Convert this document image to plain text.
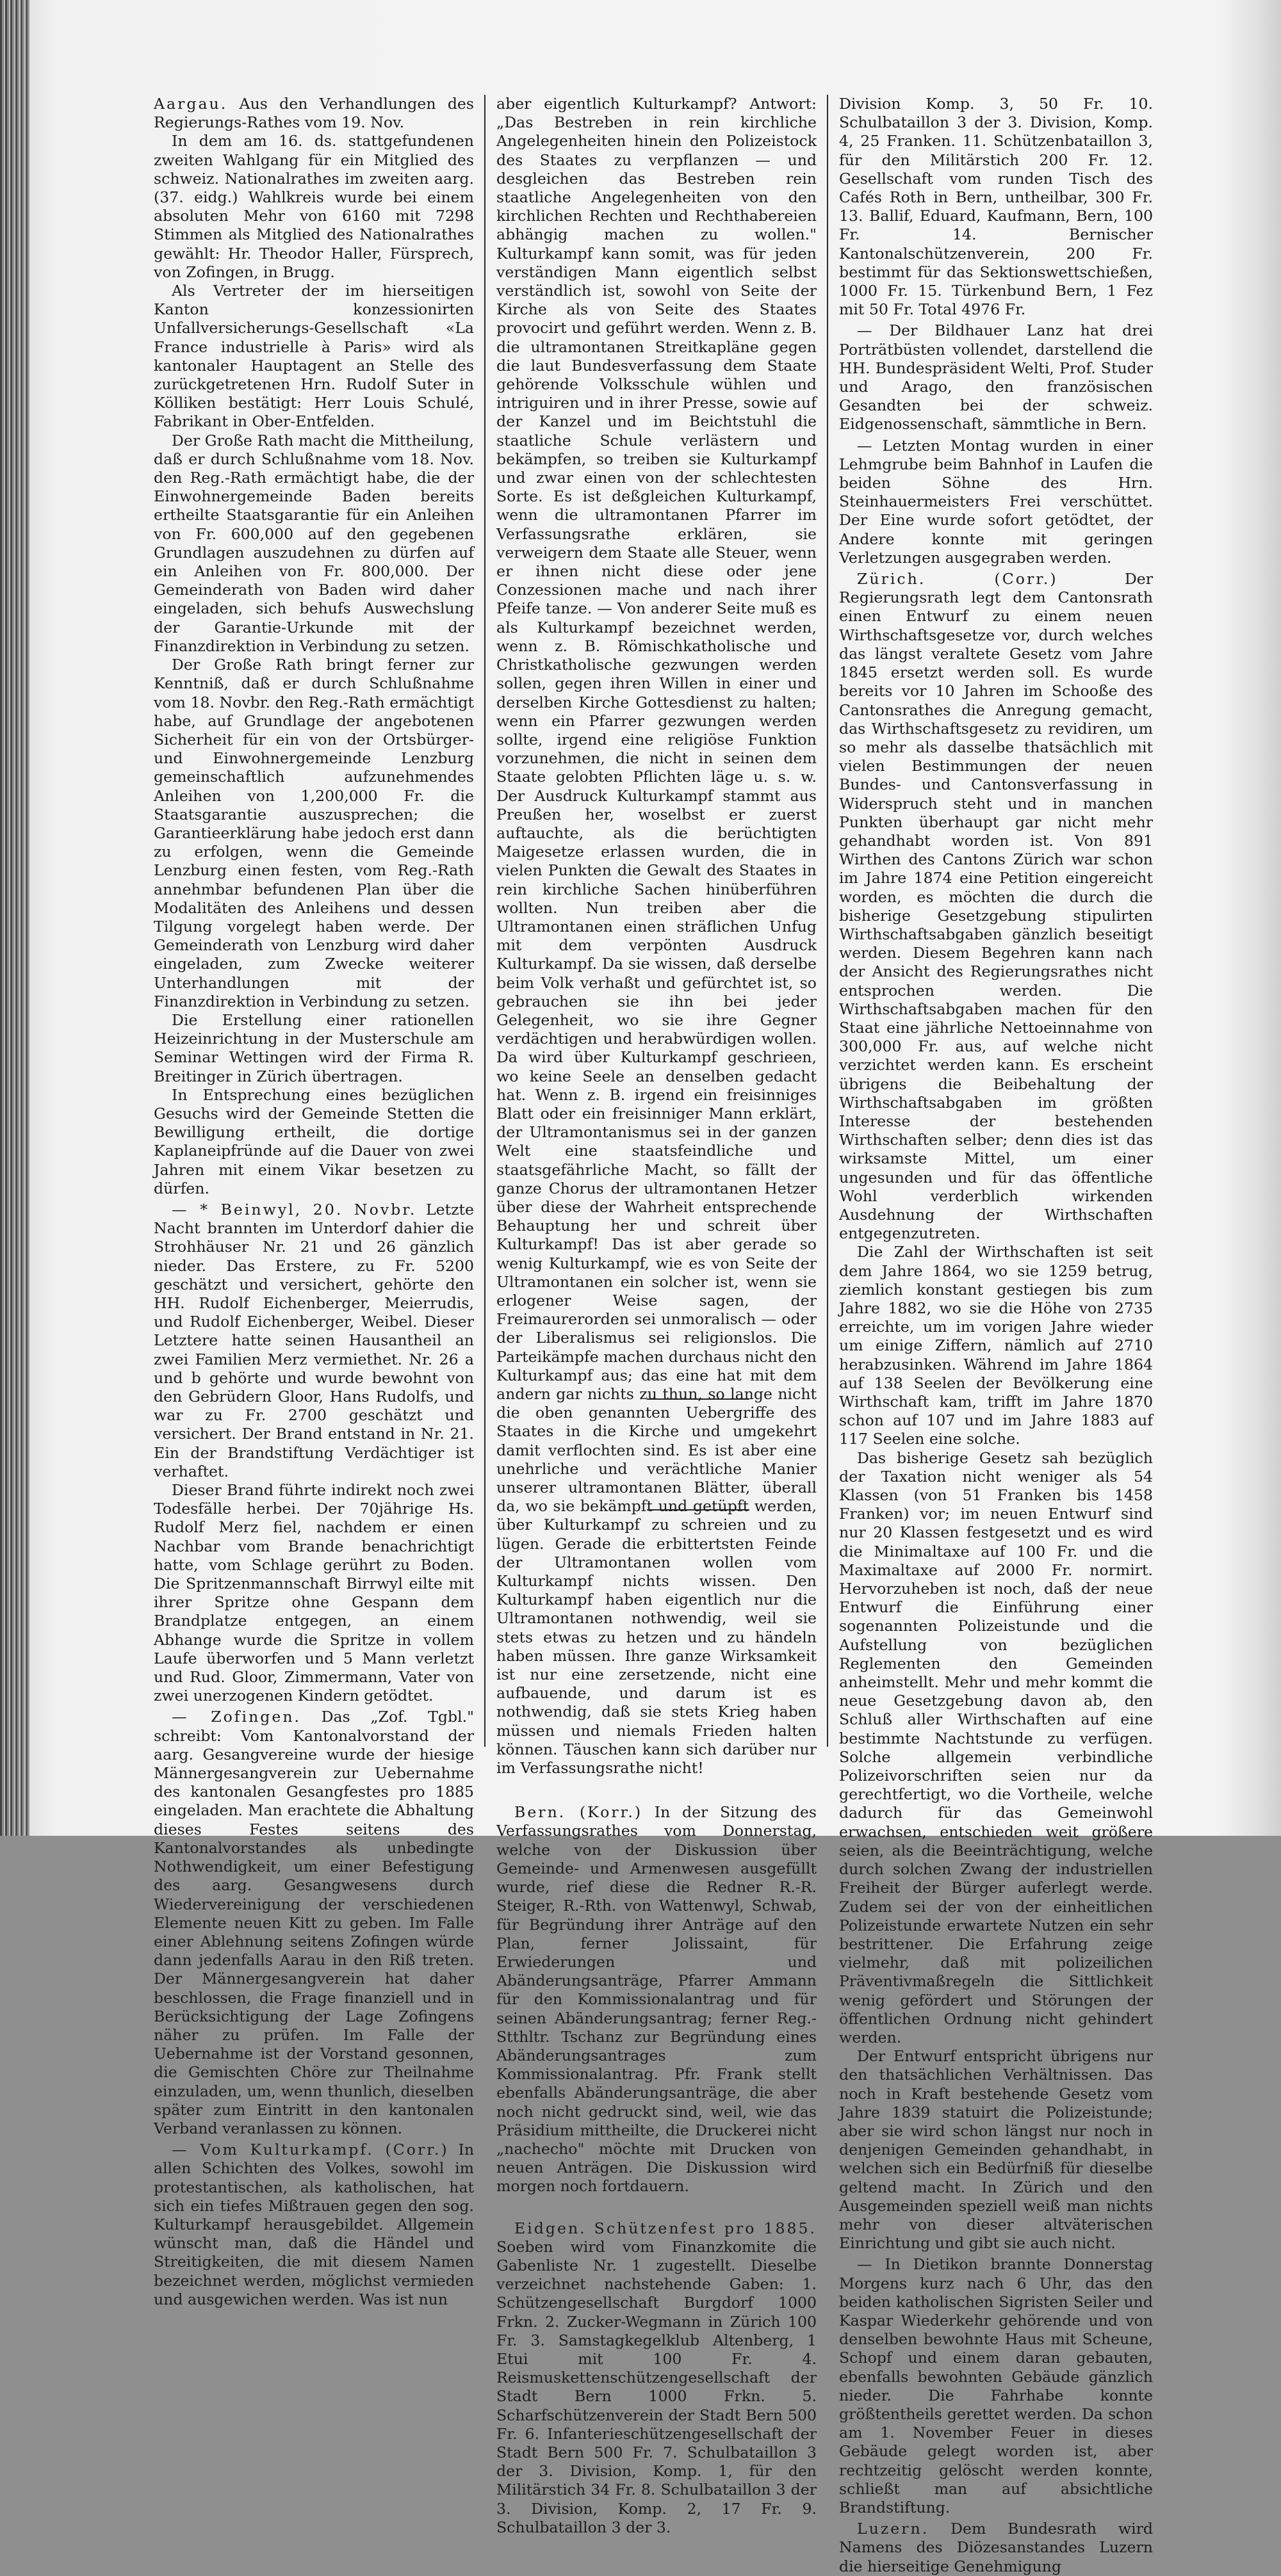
Aargau. Aus den Verhandlungen des Regierungs-Rathes vom 19. Nov.

In dem am 16. ds. stattgefundenen zweiten Wahlgang für ein Mitglied des schweiz. Nationalrathes im zweiten aarg. (37. eidg.) Wahlkreis wurde bei einem absoluten Mehr von 6160 mit 7298 Stimmen als Mitglied des Nationalrathes gewählt: Hr. Theodor Haller, Fürsprech, von Zofingen, in Brugg.

Als Vertreter der im hierseitigen Kanton konzessionirten Unfallversicherungs-Gesellschaft «La France industrielle à Paris» wird als kantonaler Hauptagent an Stelle des zurückgetretenen Hrn. Rudolf Suter in Kölliken bestätigt: Herr Louis Schulé, Fabrikant in Ober-Entfelden.

Der Große Rath macht die Mittheilung, daß er durch Schlußnahme vom 18. Nov. den Reg.-Rath ermächtigt habe, die der Einwohnergemeinde Baden bereits ertheilte Staatsgarantie für ein Anleihen von Fr. 600,000 auf den gegebenen Grundlagen auszudehnen zu dürfen auf ein Anleihen von Fr. 800,000. Der Gemeinderath von Baden wird daher eingeladen, sich behufs Auswechslung der Garantie-Urkunde mit der Finanzdirektion in Verbindung zu setzen.

Der Große Rath bringt ferner zur Kenntniß, daß er durch Schlußnahme vom 18. Novbr. den Reg.-Rath ermächtigt habe, auf Grundlage der angebotenen Sicherheit für ein von der Ortsbürger- und Einwohnergemeinde Lenzburg gemeinschaftlich aufzunehmendes Anleihen von 1,200,000 Fr. die Staatsgarantie auszusprechen; die Garantieerklärung habe jedoch erst dann zu erfolgen, wenn die Gemeinde Lenzburg einen festen, vom Reg.-Rath annehmbar befundenen Plan über die Modalitäten des Anleihens und dessen Tilgung vorgelegt haben werde. Der Gemeinderath von Lenzburg wird daher eingeladen, zum Zwecke weiterer Unterhandlungen mit der Finanzdirektion in Verbindung zu setzen.

Die Erstellung einer rationellen Heizeinrichtung in der Musterschule am Seminar Wettingen wird der Firma R. Breitinger in Zürich übertragen.

In Entsprechung eines bezüglichen Gesuchs wird der Gemeinde Stetten die Bewilligung ertheilt, die dortige Kaplaneipfründe auf die Dauer von zwei Jahren mit einem Vikar besetzen zu dürfen.

— * Beinwyl, 20. Novbr. Letzte Nacht brannten im Unterdorf dahier die Strohhäuser Nr. 21 und 26 gänzlich nieder. Das Erstere, zu Fr. 5200 geschätzt und versichert, gehörte den HH. Rudolf Eichenberger, Meierrudis, und Rudolf Eichenberger, Weibel. Dieser Letztere hatte seinen Hausantheil an zwei Familien Merz vermiethet. Nr. 26 a und b gehörte und wurde bewohnt von den Gebrüdern Gloor, Hans Rudolfs, und war zu Fr. 2700 geschätzt und versichert. Der Brand entstand in Nr. 21. Ein der Brandstiftung Verdächtiger ist verhaftet.

Dieser Brand führte indirekt noch zwei Todesfälle herbei. Der 70jährige Hs. Rudolf Merz fiel, nachdem er einen Nachbar vom Brande benachrichtigt hatte, vom Schlage gerührt zu Boden. Die Spritzenmannschaft Birrwyl eilte mit ihrer Spritze ohne Gespann dem Brandplatze entgegen, an einem Abhange wurde die Spritze in vollem Laufe überworfen und 5 Mann verletzt und Rud. Gloor, Zimmermann, Vater von zwei unerzogenen Kindern getödtet.

— Zofingen. Das „Zof. Tgbl." schreibt: Vom Kantonalvorstand der aarg. Gesangvereine wurde der hiesige Männergesangverein zur Uebernahme des kantonalen Gesangfestes pro 1885 eingeladen. Man erachtete die Abhaltung dieses Festes seitens des Kantonalvorstandes als unbedingte Nothwendigkeit, um einer Befestigung des aarg. Gesangwesens durch Wiedervereinigung der verschiedenen Elemente neuen Kitt zu geben. Im Falle einer Ablehnung seitens Zofingen würde dann jedenfalls Aarau in den Riß treten. Der Männergesangverein hat daher beschlossen, die Frage finanziell und in Berücksichtigung der Lage Zofingens näher zu prüfen. Im Falle der Uebernahme ist der Vorstand gesonnen, die Gemischten Chöre zur Theilnahme einzuladen, um, wenn thunlich, dieselben später zum Eintritt in den kantonalen Verband veranlassen zu können.

— Vom Kulturkampf. (Corr.) In allen Schichten des Volkes, sowohl im protestantischen, als katholischen, hat sich ein tiefes Mißtrauen gegen den sog. Kulturkampf herausgebildet. Allgemein wünscht man, daß die Händel und Streitigkeiten, die mit diesem Namen bezeichnet werden, möglichst vermieden und ausgewichen werden. Was ist nun

aber eigentlich Kulturkampf? Antwort: „Das Bestreben in rein kirchliche Angelegenheiten hinein den Polizeistock des Staates zu verpflanzen — und desgleichen das Bestreben rein staatliche Angelegenheiten von den kirchlichen Rechten und Rechthabereien abhängig machen zu wollen." Kulturkampf kann somit, was für jeden verständigen Mann eigentlich selbst verständlich ist, sowohl von Seite der Kirche als von Seite des Staates provocirt und geführt werden. Wenn z. B. die ultramontanen Streitkapläne gegen die laut Bundesverfassung dem Staate gehörende Volksschule wühlen und intriguiren und in ihrer Presse, sowie auf der Kanzel und im Beichtstuhl die staatliche Schule verlästern und bekämpfen, so treiben sie Kulturkampf und zwar einen von der schlechtesten Sorte. Es ist deßgleichen Kulturkampf, wenn die ultramontanen Pfarrer im Verfassungsrathe erklären, sie verweigern dem Staate alle Steuer, wenn er ihnen nicht diese oder jene Conzessionen mache und nach ihrer Pfeife tanze. — Von anderer Seite muß es als Kulturkampf bezeichnet werden, wenn z. B. Römischkatholische und Christkatholische gezwungen werden sollen, gegen ihren Willen in einer und derselben Kirche Gottesdienst zu halten; wenn ein Pfarrer gezwungen werden sollte, irgend eine religiöse Funktion vorzunehmen, die nicht in seinen dem Staate gelobten Pflichten läge u. s. w. Der Ausdruck Kulturkampf stammt aus Preußen her, woselbst er zuerst auftauchte, als die berüchtigten Maigesetze erlassen wurden, die in vielen Punkten die Gewalt des Staates in rein kirchliche Sachen hinüberführen wollten. Nun treiben aber die Ultramontanen einen sträflichen Unfug mit dem verpönten Ausdruck Kulturkampf. Da sie wissen, daß derselbe beim Volk verhaßt und gefürchtet ist, so gebrauchen sie ihn bei jeder Gelegenheit, wo sie ihre Gegner verdächtigen und herabwürdigen wollen. Da wird über Kulturkampf geschrieen, wo keine Seele an denselben gedacht hat. Wenn z. B. irgend ein freisinniges Blatt oder ein freisinniger Mann erklärt, der Ultramontanismus sei in der ganzen Welt eine staatsfeindliche und staatsgefährliche Macht, so fällt der ganze Chorus der ultramontanen Hetzer über diese der Wahrheit entsprechende Behauptung her und schreit über Kulturkampf! Das ist aber gerade so wenig Kulturkampf, wie es von Seite der Ultramontanen ein solcher ist, wenn sie erlogener Weise sagen, der Freimaurerorden sei unmoralisch — oder der Liberalismus sei religionslos. Die Parteikämpfe machen durchaus nicht den Kulturkampf aus; das eine hat mit dem andern gar nichts zu thun, so lange nicht die oben genannten Uebergriffe des Staates in die Kirche und umgekehrt damit verflochten sind. Es ist aber eine unehrliche und verächtliche Manier unserer ultramontanen Blätter, überall da, wo sie bekämpft und getüpft werden, über Kulturkampf zu schreien und zu lügen. Gerade die erbittertsten Feinde der Ultramontanen wollen vom Kulturkampf nichts wissen. Den Kulturkampf haben eigentlich nur die Ultramontanen nothwendig, weil sie stets etwas zu hetzen und zu händeln haben müssen. Ihre ganze Wirksamkeit ist nur eine zersetzende, nicht eine aufbauende, und darum ist es nothwendig, daß sie stets Krieg haben müssen und niemals Frieden halten können. Täuschen kann sich darüber nur im Verfassungsrathe nicht!

Bern. (Korr.) In der Sitzung des Verfassungsrathes vom Donnerstag, welche von der Diskussion über Gemeinde- und Armenwesen ausgefüllt wurde, rief diese die Redner R.-R. Steiger, R.-Rth. von Wattenwyl, Schwab, für Begründung ihrer Anträge auf den Plan, ferner Jolissaint, für Erwiederungen und Abänderungsanträge, Pfarrer Ammann für den Kommissionalantrag und für seinen Abänderungsantrag; ferner Reg.-Stthltr. Tschanz zur Begründung eines Abänderungsantrages zum Kommissionalantrag. Pfr. Frank stellt ebenfalls Abänderungsanträge, die aber noch nicht gedruckt sind, weil, wie das Präsidium mittheilte, die Druckerei nicht „nachecho" möchte mit Drucken von neuen Anträgen. Die Diskussion wird morgen noch fortdauern.

Eidgen. Schützenfest pro 1885. Soeben wird vom Finanzkomite die Gabenliste Nr. 1 zugestellt. Dieselbe verzeichnet nachstehende Gaben: 1. Schützengesellschaft Burgdorf 1000 Frkn. 2. Zucker-Wegmann in Zürich 100 Fr. 3. Samstagkegelklub Altenberg, 1 Etui mit 100 Fr. 4. Reismuskettenschützengesellschaft der Stadt Bern 1000 Frkn. 5. Scharfschützenverein der Stadt Bern 500 Fr. 6. Infanterieschützengesellschaft der Stadt Bern 500 Fr. 7. Schulbataillon 3 der 3. Division, Komp. 1, für den Militärstich 34 Fr. 8. Schulbataillon 3 der 3. Division, Komp. 2, 17 Fr. 9. Schulbataillon 3 der 3.

Division Komp. 3, 50 Fr. 10. Schulbataillon 3 der 3. Division, Komp. 4, 25 Franken. 11. Schützenbataillon 3, für den Militärstich 200 Fr. 12. Gesellschaft vom runden Tisch des Cafés Roth in Bern, untheilbar, 300 Fr. 13. Ballif, Eduard, Kaufmann, Bern, 100 Fr. 14. Bernischer Kantonalschützenverein, 200 Fr. bestimmt für das Sektionswettschießen, 1000 Fr. 15. Türkenbund Bern, 1 Fez mit 50 Fr. Total 4976 Fr.

— Der Bildhauer Lanz hat drei Porträtbüsten vollendet, darstellend die HH. Bundespräsident Welti, Prof. Studer und Arago, den französischen Gesandten bei der schweiz. Eidgenossenschaft, sämmtliche in Bern.

— Letzten Montag wurden in einer Lehmgrube beim Bahnhof in Laufen die beiden Söhne des Hrn. Steinhauermeisters Frei verschüttet. Der Eine wurde sofort getödtet, der Andere konnte mit geringen Verletzungen ausgegraben werden.

Zürich. (Corr.)	Der Regierungsrath legt dem Cantonsrath einen Entwurf zu einem neuen Wirthschaftsgesetze vor, durch welches das längst veraltete Gesetz vom Jahre 1845 ersetzt werden soll. Es wurde bereits vor 10 Jahren im Schooße des Cantonsrathes die Anregung gemacht, das Wirthschaftsgesetz zu revidiren, um so mehr als dasselbe thatsächlich mit vielen Bestimmungen der neuen Bundes- und Cantonsverfassung in Widerspruch steht und in manchen Punkten überhaupt gar nicht mehr gehandhabt worden ist. Von 891 Wirthen des Cantons Zürich war schon im Jahre 1874 eine Petition eingereicht worden, es möchten die durch die bisherige Gesetzgebung stipulirten Wirthschaftsabgaben gänzlich beseitigt werden. Diesem Begehren kann nach der Ansicht des Regierungsrathes nicht entsprochen werden. Die Wirthschaftsabgaben machen für den Staat eine jährliche Nettoeinnahme von 300,000 Fr. aus, auf welche nicht verzichtet werden kann. Es erscheint übrigens die Beibehaltung der Wirthschaftsabgaben im größten Interesse der bestehenden Wirthschaften selber; denn dies ist das wirksamste Mittel, um einer ungesunden und für das öffentliche Wohl verderblich wirkenden Ausdehnung der Wirthschaften entgegenzutreten.

Die Zahl der Wirthschaften ist seit dem Jahre 1864, wo sie 1259 betrug, ziemlich konstant gestiegen bis zum Jahre 1882, wo sie die Höhe von 2735 erreichte, um im vorigen Jahre wieder um einige Ziffern, nämlich auf 2710 herabzusinken. Während im Jahre 1864 auf 138 Seelen der Bevölkerung eine Wirthschaft kam, trifft im Jahre 1870 schon auf 107 und im Jahre 1883 auf 117 Seelen eine solche.

Das bisherige Gesetz sah bezüglich der Taxation nicht weniger als 54 Klassen (von 51 Franken bis 1458 Franken) vor; im neuen Entwurf sind nur 20 Klassen festgesetzt und es wird die Minimaltaxe auf 100 Fr. und die Maximaltaxe auf 2000 Fr. normirt. Hervorzuheben ist noch, daß der neue Entwurf die Einführung einer sogenannten Polizeistunde und die Aufstellung von bezüglichen Reglementen den Gemeinden anheimstellt. Mehr und mehr kommt die neue Gesetzgebung davon ab, den Schluß aller Wirthschaften auf eine bestimmte Nachtstunde zu verfügen. Solche allgemein verbindliche Polizeivorschriften seien nur da gerechtfertigt, wo die Vortheile, welche dadurch für das Gemeinwohl erwachsen, entschieden weit größere seien, als die Beeinträchtigung, welche durch solchen Zwang der industriellen Freiheit der Bürger auferlegt werde. Zudem sei der von der einheitlichen Polizeistunde erwartete Nutzen ein sehr bestrittener. Die Erfahrung zeige vielmehr, daß mit polizeilichen Präventivmaßregeln die Sittlichkeit wenig gefördert und Störungen der öffentlichen Ordnung nicht gehindert werden.

Der Entwurf entspricht übrigens nur den thatsächlichen Verhältnissen. Das noch in Kraft bestehende Gesetz vom Jahre 1839 statuirt die Polizeistunde; aber sie wird schon längst nur noch in denjenigen Gemeinden gehandhabt, in welchen sich ein Bedürfniß für dieselbe geltend macht. In Zürich und den Ausgemeinden speziell weiß man nichts mehr von dieser altväterischen Einrichtung und gibt sie auch nicht.

— In Dietikon brannte Donnerstag Morgens kurz nach 6 Uhr, das den beiden katholischen Sigristen Seiler und Kaspar Wiederkehr gehörende und von denselben bewohnte Haus mit Scheune, Schopf und einem daran gebauten, ebenfalls bewohnten Gebäude gänzlich nieder. Die Fahrhabe konnte größtentheils gerettet werden. Da schon am 1. November Feuer in dieses Gebäude gelegt worden ist, aber rechtzeitig gelöscht werden konnte, schließt man auf absichtliche Brandstiftung.

Luzern. Dem Bundesrath wird Namens des Diözesanstandes Luzern die hierseitige Genehmigung
